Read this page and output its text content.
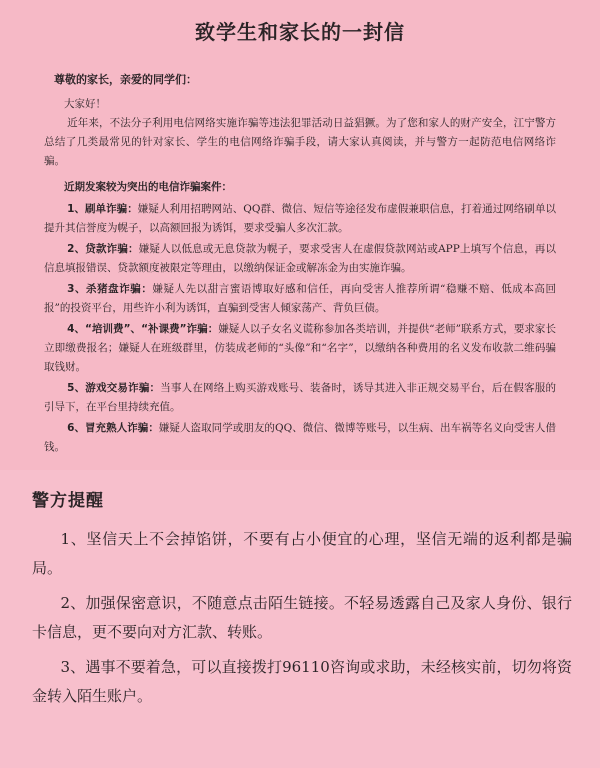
致学生和家长的一封信
尊敬的家长，亲爱的同学们：
大家好！

近年来，不法分子利用电信网络实施诈骗等违法犯罪活动日益猖獗。为了您和家人的财产安全，江宁警方总结了几类最常见的针对家长、学生的电信网络诈骗手段，请大家认真阅读，并与警方一起防范电信网络诈骗。

近期发案较为突出的电信诈骗案件：

1、刷单诈骗：嫌疑人利用招聘网站、QQ群、微信、短信等途径发布虚假兼职信息，打着通过网络刷单以提升其信誉度为幌子，以高额回报为诱饵，要求受骗人多次汇款。

2、贷款诈骗：嫌疑人以低息或无息贷款为幌子，要求受害人在虚假贷款网站或APP上填写个信息，再以信息填报错误、贷款额度被限定等理由，以缴纳保证金或解冻金为由实施诈骗。

3、杀猪盘诈骗：嫌疑人先以甜言蜜语博取好感和信任，再向受害人推荐所谓“稳赚不赔、低成本高回报”的投资平台，用些许小利为诱饵，直骗到受害人倾家荡产、背负巨债。

4、“培训费”、“补课费”诈骗：嫌疑人以子女名义谎称参加各类培训，并提供“老师”联系方式，要求家长立即缴费报名；嫌疑人在班级群里，仿装成老师的“头像”和“名字”，以缴纳各种费用的名义发布收款二维码骗取钱财。

5、游戏交易诈骗：当事人在网络上购买游戏账号、装备时，诱导其进入非正规交易平台，后在假客服的引导下，在平台里持续充值。

6、冒充熟人诈骗：嫌疑人盗取同学或朋友的QQ、微信、微博等账号，以生病、出车祸等名义向受害人借钱。

警方提醒

1、坚信天上不会掉馅饼，不要有占小便宜的心理，坚信无端的返利都是骗局。

2、加强保密意识，不随意点击陌生链接。不轻易透露自己及家人身份、银行卡信息，更不要向对方汇款、转账。

3、遇事不要着急，可以直接拨打96110咨询或求助，未经核实前，切勿将资金转入陌生账户。
